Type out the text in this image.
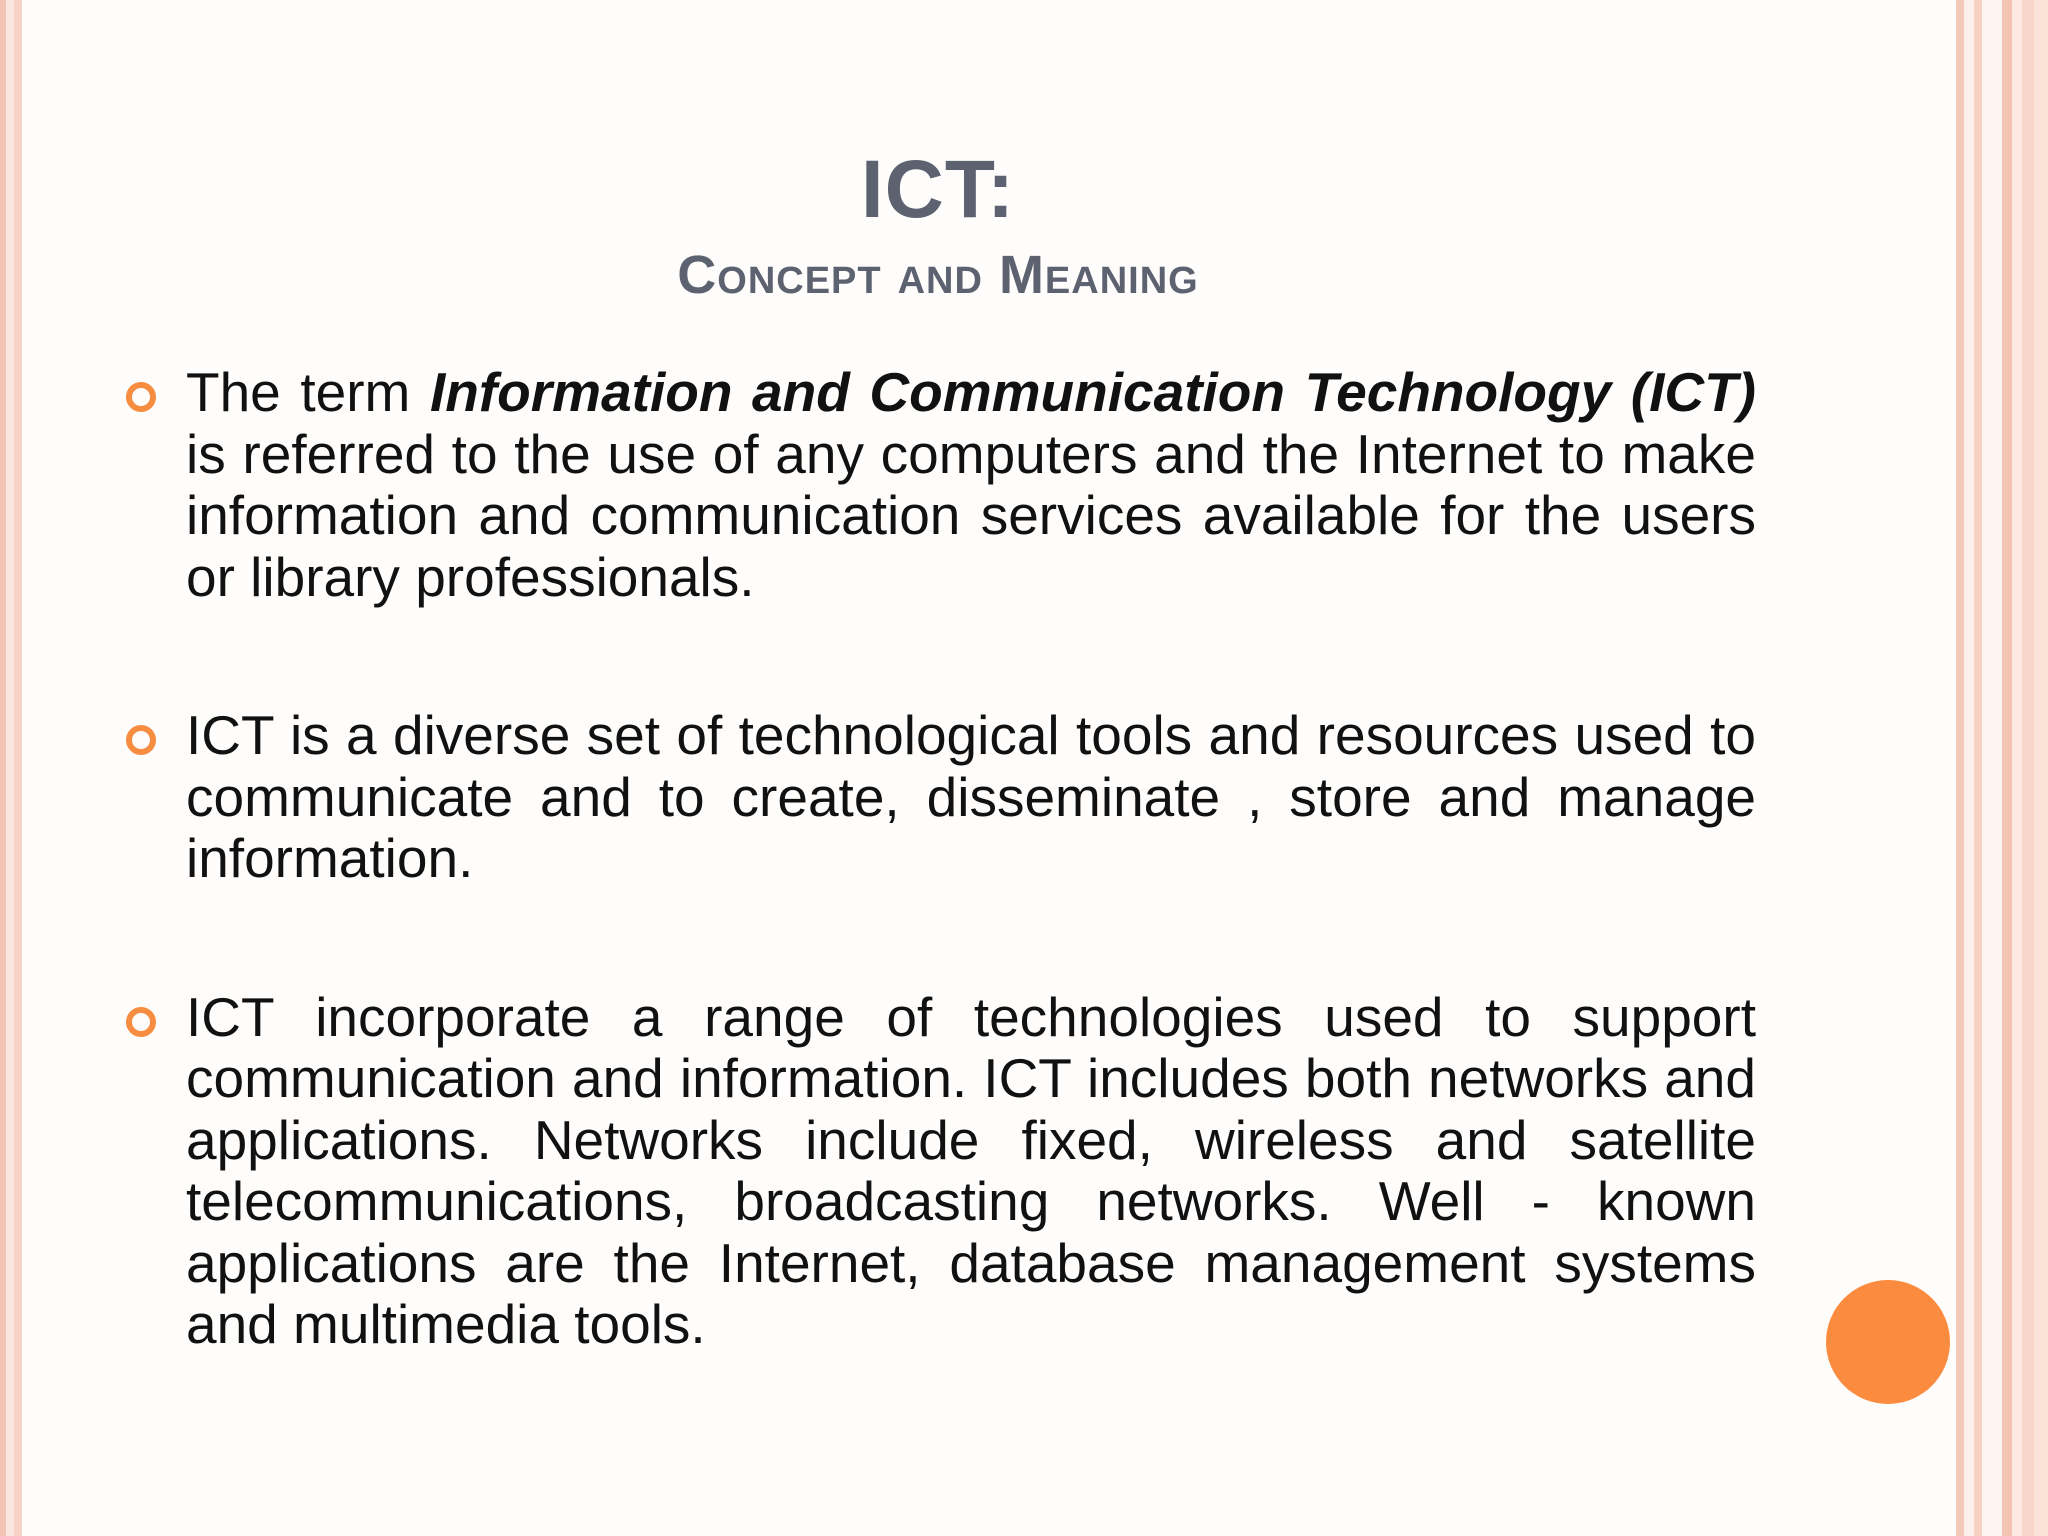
ICT:
Concept and Meaning
The term Information and Communication Technology (ICT) is referred to the use of any computers and the Internet to make information and communication services available for the users or library professionals.
ICT is a diverse set of technological tools and resources used to communicate and to create, disseminate , store and manage information.
ICT incorporate a range of technologies used to support communication and information. ICT includes both networks and applications. Networks include fixed, wireless and satellite telecommunications, broadcasting networks. Well - known applications are the Internet, database management systems and multimedia tools.
